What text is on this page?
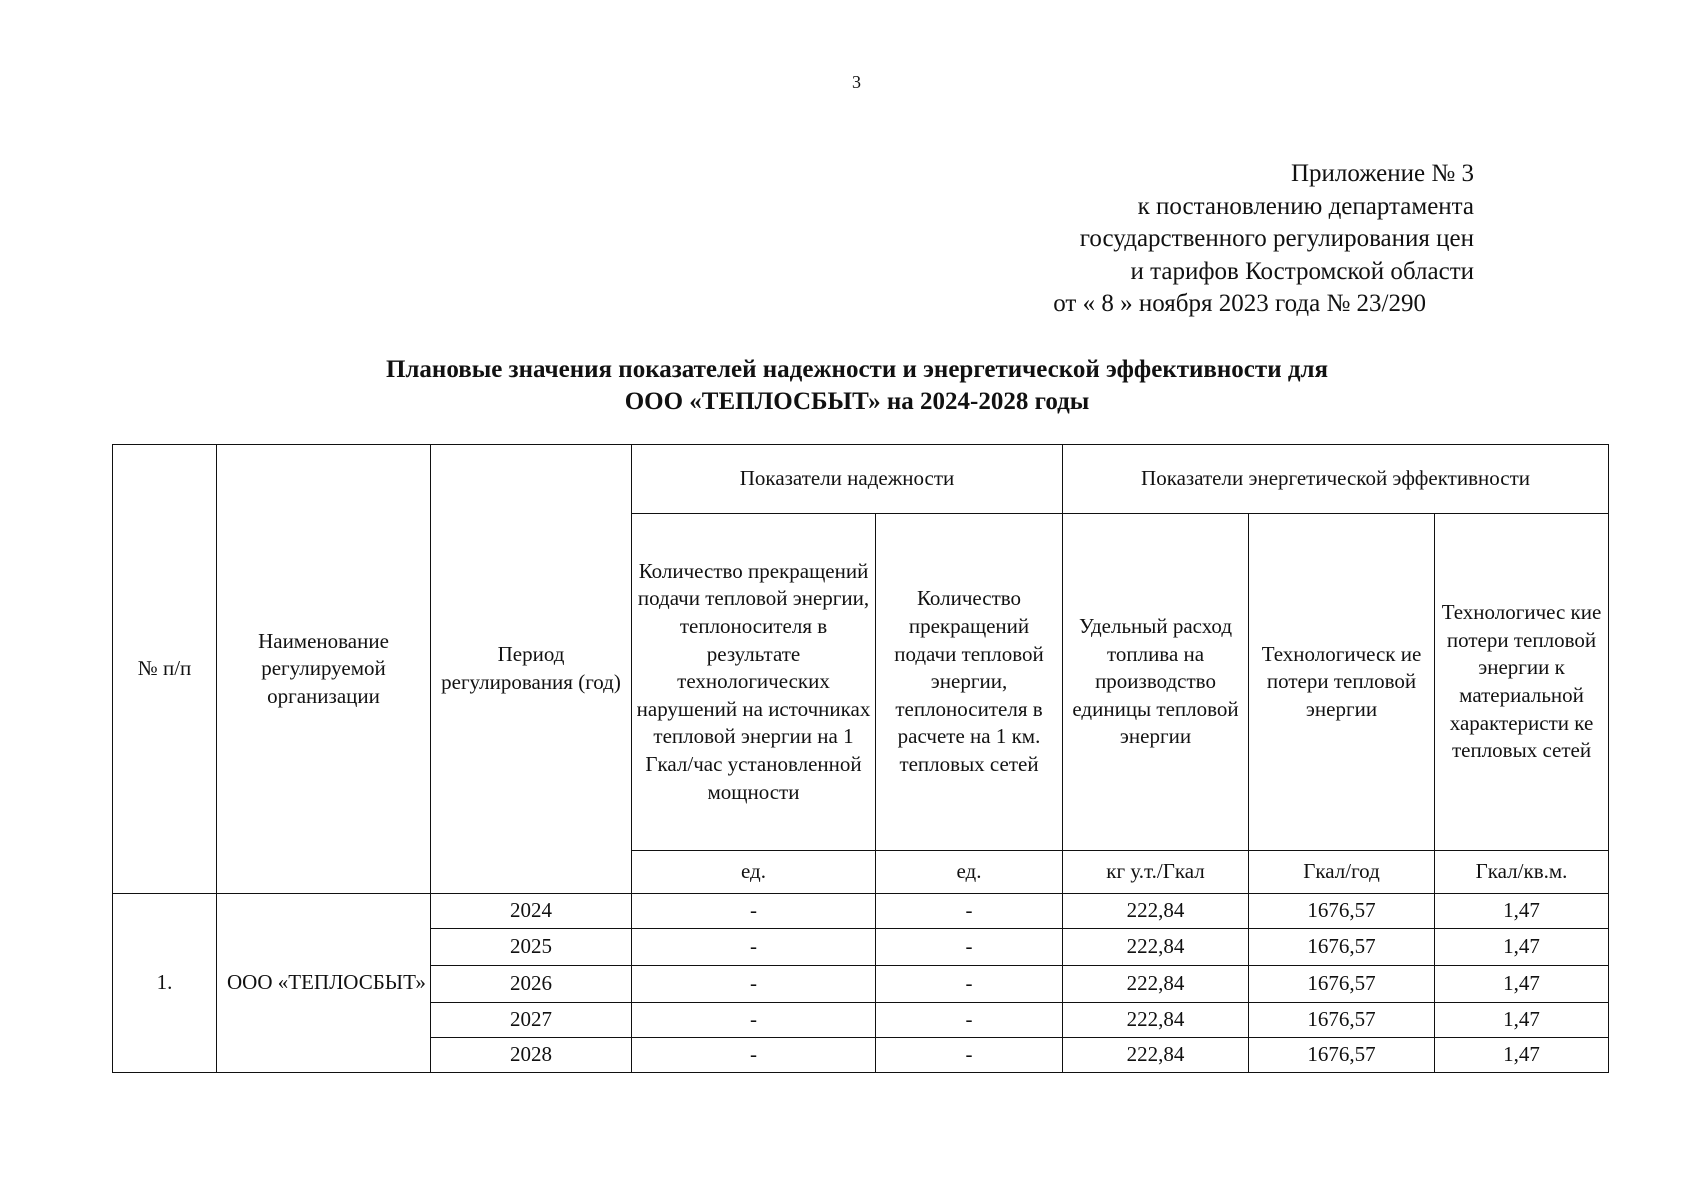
3
Приложение № 3
к постановлению департамента
государственного регулирования цен
и тарифов Костромской области
от « 8 » ноября 2023 года № 23/290
Плановые значения показателей надежности и энергетической эффективности для
ООО «ТЕПЛОСБЫТ» на 2024-2028 годы
№ п/п	Наименование регулируемой организации	Период регулирования (год)	Показатели надежности		Показатели энергетической эффективности		
			Количество прекращений подачи тепловой энергии, теплоносителя в результате технологических нарушений на источниках тепловой энергии на 1 Гкал/час установленной мощности	Количество прекращений подачи тепловой энергии, теплоносителя в расчете на 1 км. тепловых сетей	Удельный расход топлива на производство единицы тепловой энергии	Технологическ ие потери тепловой энергии	Технологичес кие потери тепловой энергии к материальной характеристи ке тепловых сетей
			ед.	ед.	кг у.т./Гкал	Гкал/год	Гкал/кв.м.
1.	ООО «ТЕПЛОСБЫТ»	2024	-	-	222,84	1676,57	1,47
		2025	-	-	222,84	1676,57	1,47
		2026	-	-	222,84	1676,57	1,47
		2027	-	-	222,84	1676,57	1,47
		2028	-	-	222,84	1676,57	1,47
